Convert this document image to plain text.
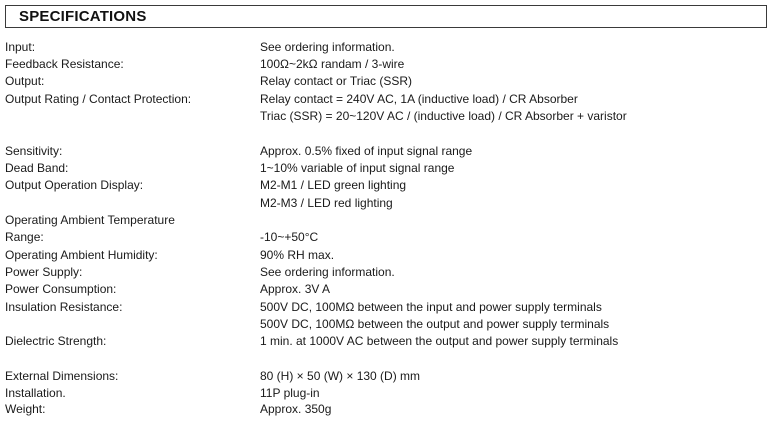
SPECIFICATIONS
Input:	See ordering information.
Feedback Resistance:	100Ω~2kΩ randam / 3-wire
Output:	Relay contact or Triac (SSR)
Output Rating / Contact Protection:	Relay contact = 240V AC, 1A (inductive load) / CR Absorber
Triac (SSR) = 20~120V AC / (inductive load) / CR Absorber + varistor
Sensitivity:	Approx. 0.5% fixed of input signal range
Dead Band:	1~10% variable of input signal range
Output Operation Display:	M2-M1 / LED green lighting
M2-M3 / LED red lighting
Operating Ambient Temperature
Range:	-10~+50°C
Operating Ambient Humidity:	90% RH max.
Power Supply:	See ordering information.
Power Consumption:	Approx. 3V A
Insulation Resistance:	500V DC, 100MΩ between the input and power supply terminals
500V DC, 100MΩ between the output and power supply terminals
Dielectric Strength:	1 min. at 1000V AC between the output and power supply terminals
External Dimensions:	80 (H) × 50 (W) × 130 (D) mm
Installation.	11P plug-in
Weight:	Approx. 350g
